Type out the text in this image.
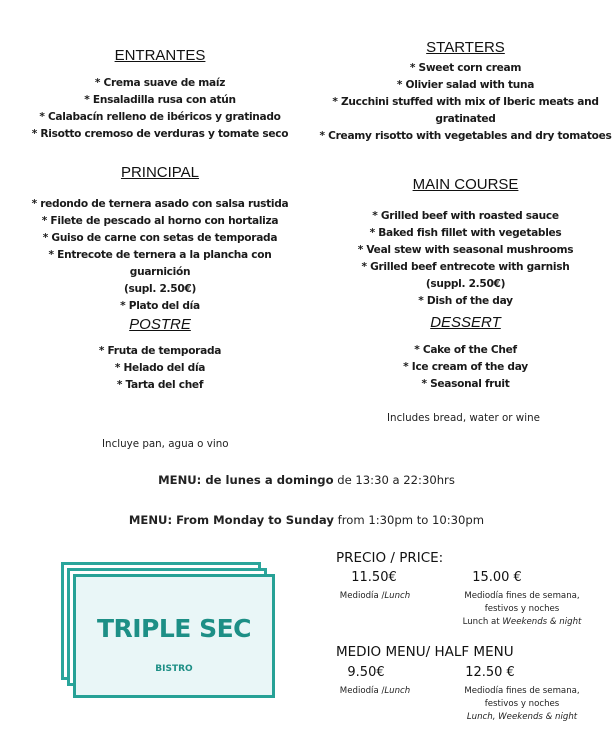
ENTRANTES
* Crema suave de maíz
* Ensaladilla rusa con atún
* Calabacín relleno de ibéricos y gratinado
* Risotto cremoso de verduras y tomate seco
PRINCIPAL
* redondo de ternera asado con salsa rustida
* Filete de pescado al horno con hortaliza
* Guiso de carne con setas de temporada
* Entrecote de ternera a la plancha con guarnición
(supl. 2.50€)
* Plato del día
POSTRE
* Fruta de temporada
* Helado del día
* Tarta del chef
Incluye pan, agua o vino
STARTERS
* Sweet corn cream
* Olivier salad with tuna
* Zucchini stuffed with mix of Iberic meats and
gratinated
* Creamy risotto with vegetables and dry tomatoes
MAIN COURSE
* Grilled beef with roasted sauce
* Baked fish fillet with vegetables
* Veal stew with seasonal mushrooms
* Grilled beef entrecote with garnish
(suppl. 2.50€)
* Dish of the day
DESSERT
* Cake of the Chef
* Ice cream of the day
* Seasonal fruit
Includes bread, water or wine
MENU: de lunes a domingo de 13:30 a 22:30hrs
MENU: From Monday to Sunday from 1:30pm to 10:30pm
TRIPLE SEC
BISTRO
PRECIO / PRICE:
11.50€
Mediodía /Lunch
15.00 €
Mediodía fines de semana,
festivos y noches
Lunch at Weekends & night
MEDIO MENU/ HALF MENU
9.50€
Mediodía /Lunch
12.50 €
Mediodía fines de semana,
festivos y noches
Lunch, Weekends & night
